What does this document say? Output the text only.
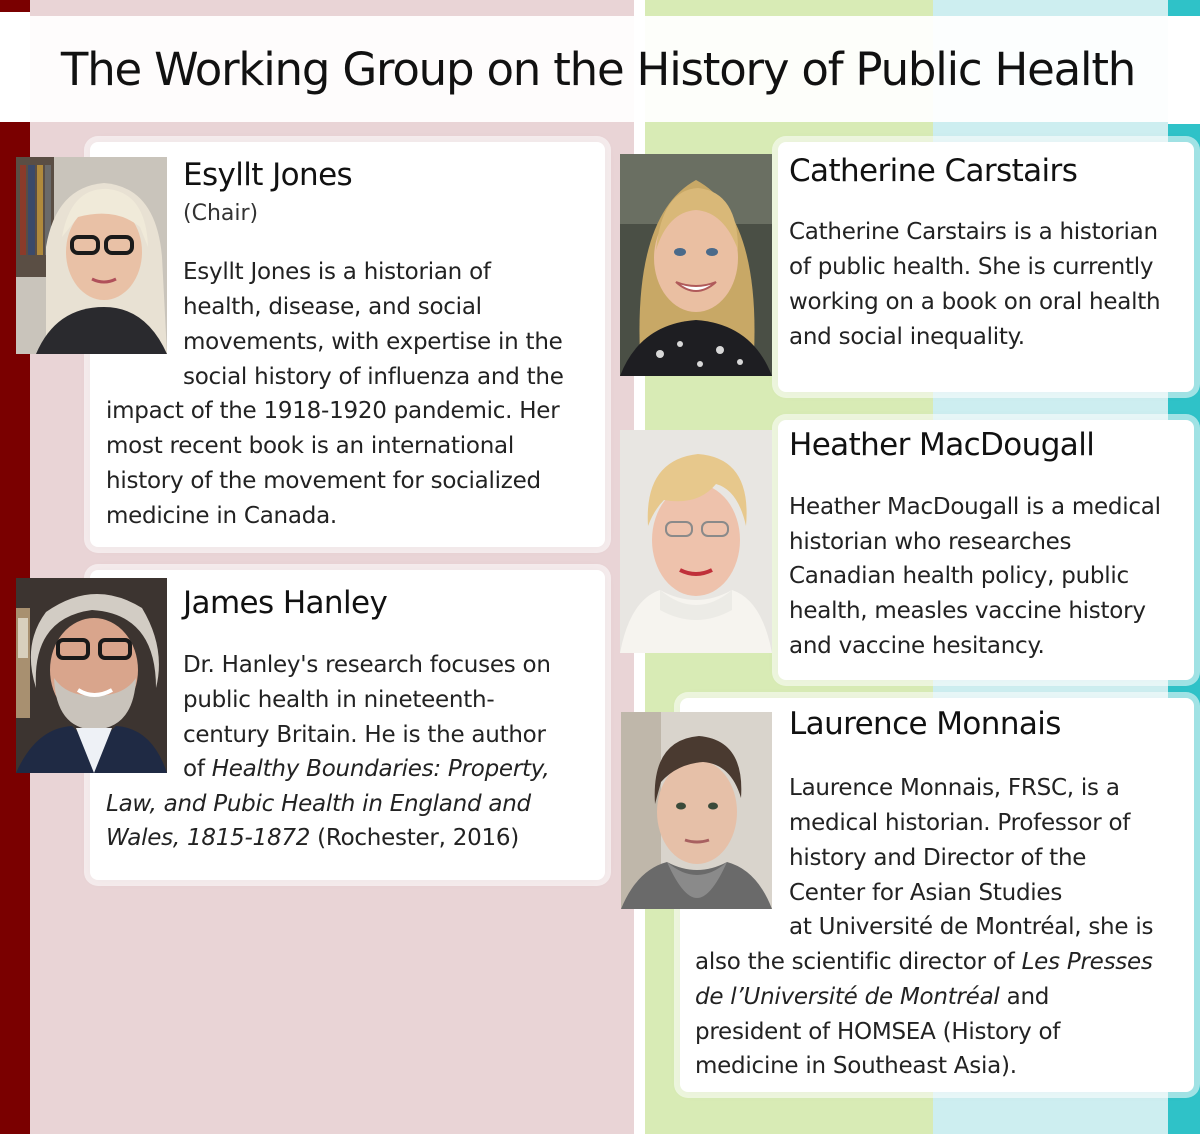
The Working Group on the History of Public Health
Esyllt Jones
(Chair)
Esyllt Jones is a historian of
health, disease, and social
movements, with expertise in the
social history of influenza and the
impact of the 1918-1920 pandemic. Her
most recent book is an international
history of the movement for socialized
medicine in Canada.
James Hanley
Dr. Hanley's research focuses on
public health in nineteenth-
century Britain. He is the author
of Healthy Boundaries: Property,
Law, and Pubic Health in England and
Wales, 1815-1872 (Rochester, 2016)
Catherine Carstairs
Catherine Carstairs is a historian
of public health. She is currently
working on a book on oral health
and social inequality.
Heather MacDougall
Heather MacDougall is a medical
historian who researches
Canadian health policy, public
health, measles vaccine history
and vaccine hesitancy.
Laurence Monnais
Laurence Monnais, FRSC, is a
medical historian. Professor of
history and Director of the
Center for Asian Studies
at Université de Montréal, she is
also the scientific director of Les Presses
de l’Université de Montréal and
president of HOMSEA (History of
medicine in Southeast Asia).
